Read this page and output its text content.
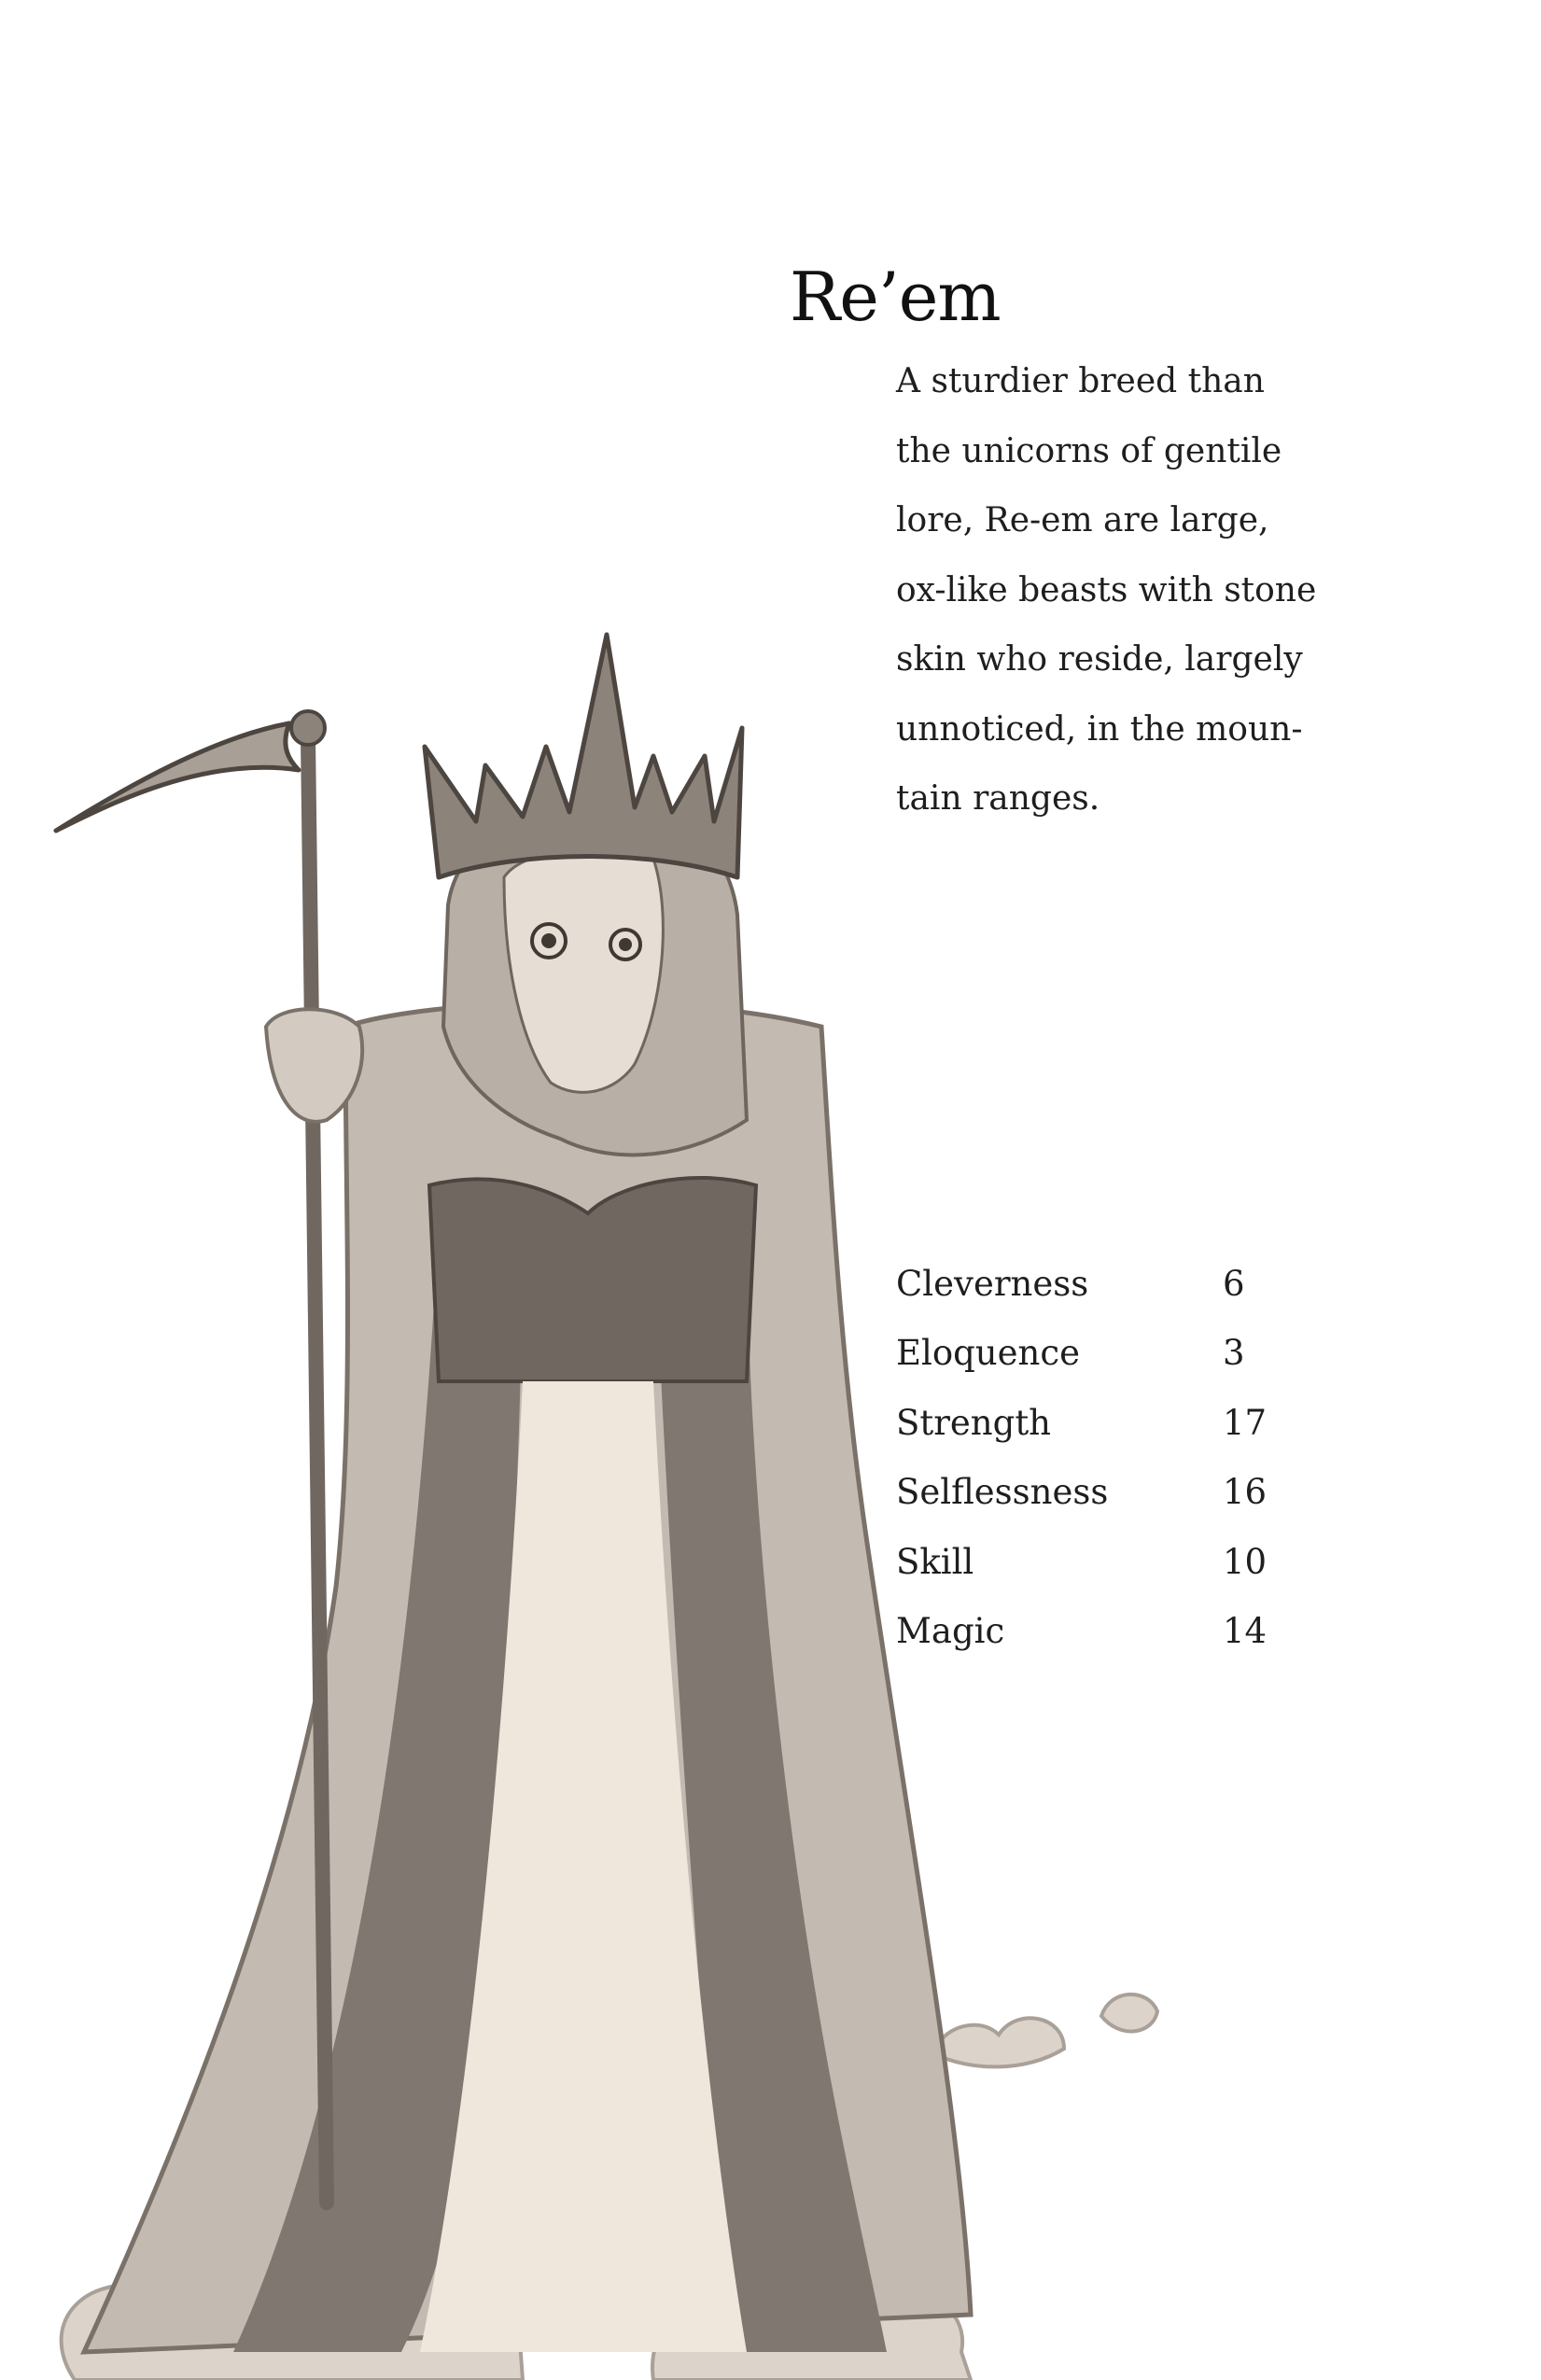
Re’em
A sturdier breed than
the unicorns of gentile
lore, Re-em are large,
ox-like beasts with stone
skin who reside, largely
unnoticed, in the moun-
tain ranges.
Cleverness	6
Eloquence	3
Strength	17
Selflessness	16
Skill	10
Magic	14
